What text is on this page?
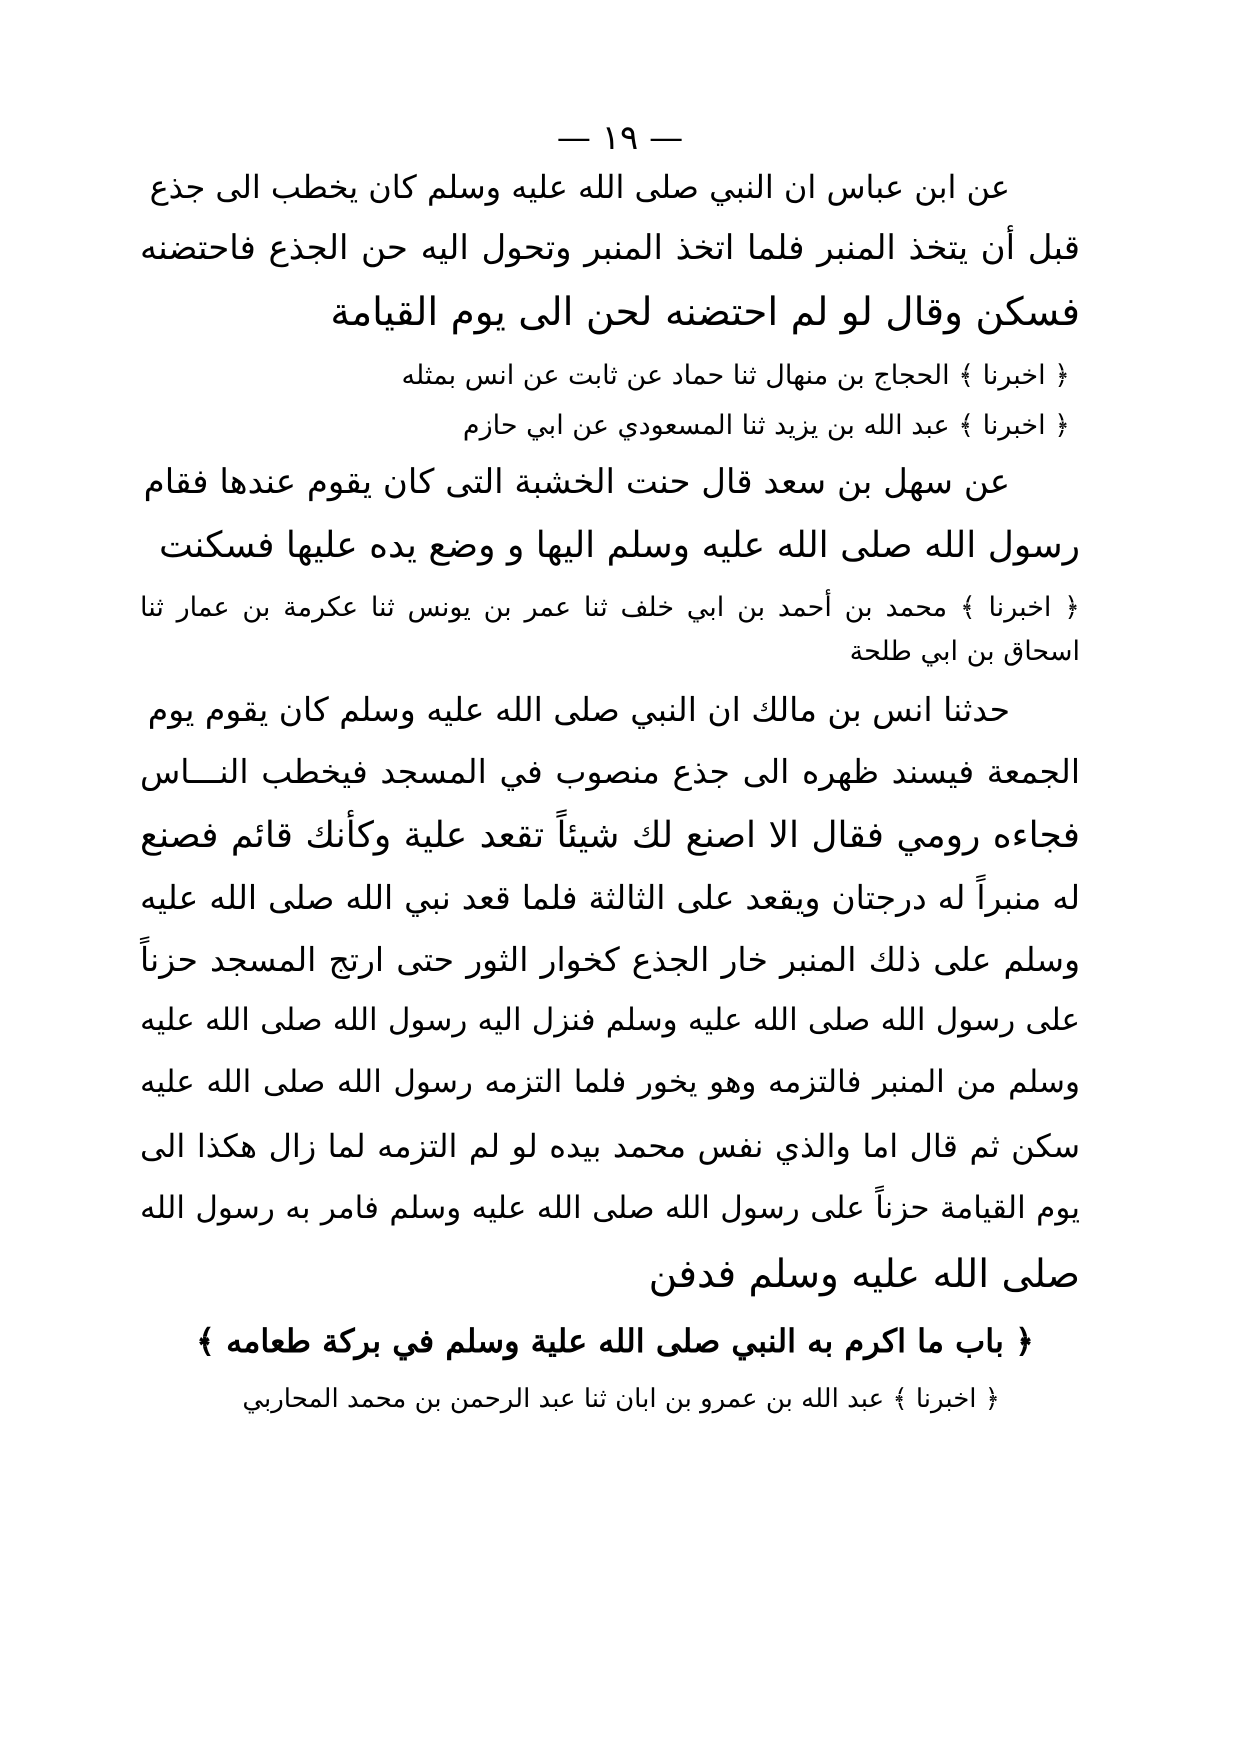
— ١٩ —
عن ابن عباس ان النبي صلى الله عليه وسلم كان يخطب الى جذع
قبل أن يتخذ المنبر فلما اتخذ المنبر وتحول اليه حن الجذع فاحتضنه
فسكن وقال لو لم احتضنه لحن الى يوم القيامة
﴿ اخبرنا ﴾ الحجاج بن منهال ثنا حماد عن ثابت عن انس بمثله
﴿ اخبرنا ﴾ عبد الله بن يزيد ثنا المسعودي عن ابي حازم
عن سهل بن سعد قال حنت الخشبة التى كان يقوم عندها فقام
رسول الله صلى الله عليه وسلم اليها و وضع يده عليها فسكنت
﴿ اخبرنا ﴾ محمد بن أحمد بن ابي خلف ثنا عمر بن يونس ثنا عكرمة بن عمار ثنا
اسحاق بن ابي طلحة
حدثنا انس بن مالك ان النبي صلى الله عليه وسلم كان يقوم يوم
الجمعة فيسند ظهره الى جذع منصوب في المسجد فيخطب النـــاس
فجاءه رومي فقال الا اصنع لك شيئاً تقعد علية وكأنك قائم فصنع
له منبراً له درجتان ويقعد على الثالثة فلما قعد نبي الله صلى الله عليه
وسلم على ذلك المنبر خار الجذع كخوار الثور حتى ارتج المسجد حزناً
على رسول الله صلى الله عليه وسلم فنزل اليه رسول الله صلى الله عليه
وسلم من المنبر فالتزمه وهو يخور فلما التزمه رسول الله صلى الله عليه
سكن ثم قال اما والذي نفس محمد بيده لو لم التزمه لما زال هكذا الى
يوم القيامة حزناً على رسول الله صلى الله عليه وسلم فامر به رسول الله
صلى الله عليه وسلم فدفن
﴿ باب ما اكرم به النبي صلى الله علية وسلم في بركة طعامه ﴾
﴿ اخبرنا ﴾ عبد الله بن عمرو بن ابان ثنا عبد الرحمن بن محمد المحاربي
